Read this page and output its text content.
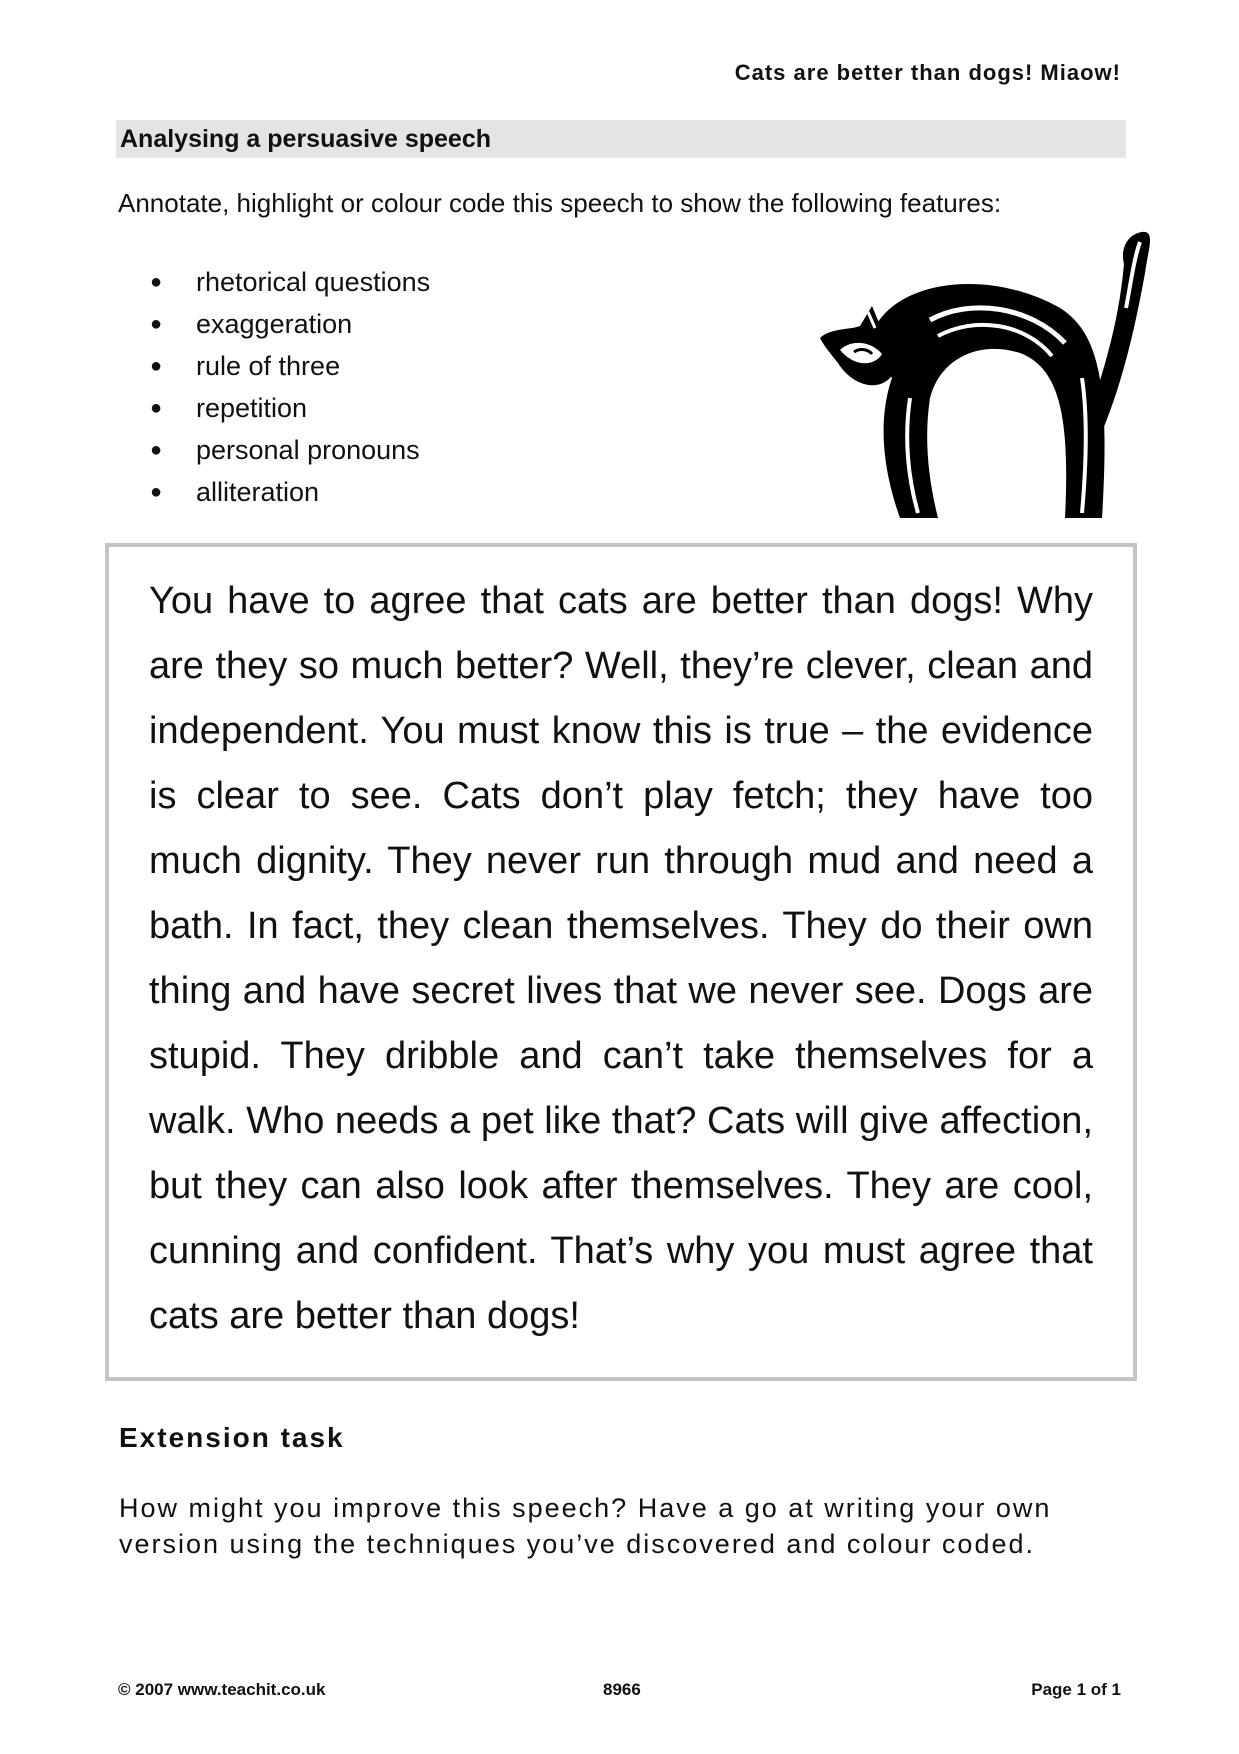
Cats are better than dogs! Miaow!
Analysing a persuasive speech
Annotate, highlight or colour code this speech to show the following features:
●	rhetorical questions
●	exaggeration
●	rule of three
●	repetition
●	personal pronouns
●	alliteration

You have to agree that cats are better than dogs! Why are they so much better? Well, they’re clever, clean and independent. You must know this is true – the evidence is clear to see. Cats don’t play fetch; they have too much dignity. They never run through mud and need a bath. In fact, they clean themselves. They do their own thing and have secret lives that we never see. Dogs are stupid. They dribble and can’t take themselves for a walk. Who needs a pet like that? Cats will give affection, but they can also look after themselves. They are cool, cunning and confident. That’s why you must agree that cats are better than dogs!

Extension task

How might you improve this speech? Have a go at writing your own version using the techniques you’ve discovered and colour coded.

© 2007 www.teachit.co.uk	8966	Page 1 of 1
